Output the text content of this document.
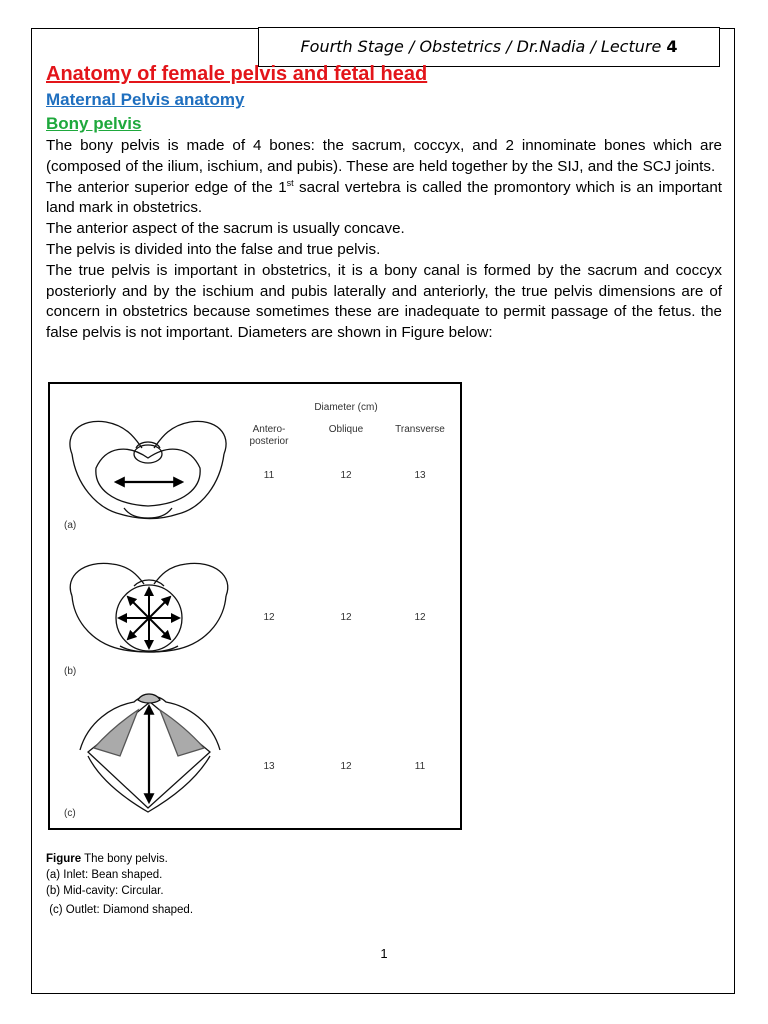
Fourth Stage / Obstetrics / Dr.Nadia / Lecture 4
Anatomy of female pelvis and fetal head
Maternal Pelvis anatomy
Bony pelvis

The bony pelvis is made of 4 bones: the sacrum, coccyx, and 2 innominate bones which are (composed of the ilium, ischium, and pubis). These are held together by the SIJ, and the SCJ joints.

The anterior superior edge of the 1st sacral vertebra is called the promontory which is an important land mark in obstetrics.

The anterior aspect of the sacrum is usually concave.

The pelvis is divided into the false and true pelvis.

The true pelvis is important in obstetrics, it is a bony canal is formed by the sacrum and coccyx posteriorly and by the ischium and pubis laterally and anteriorly, the true pelvis dimensions are of concern in obstetrics because sometimes these are inadequate to permit passage of the fetus. the false pelvis is not important. Diameters are shown in Figure below:

Diameter (cm)
Antero-
posterior
Oblique	Transverse
11	12	13
12	12	12
13	12	11
(a)
(b)
(c)
Figure The bony pelvis.
(a) Inlet: Bean shaped.
(b) Mid-cavity: Circular.
(c) Outlet: Diamond shaped.
1
